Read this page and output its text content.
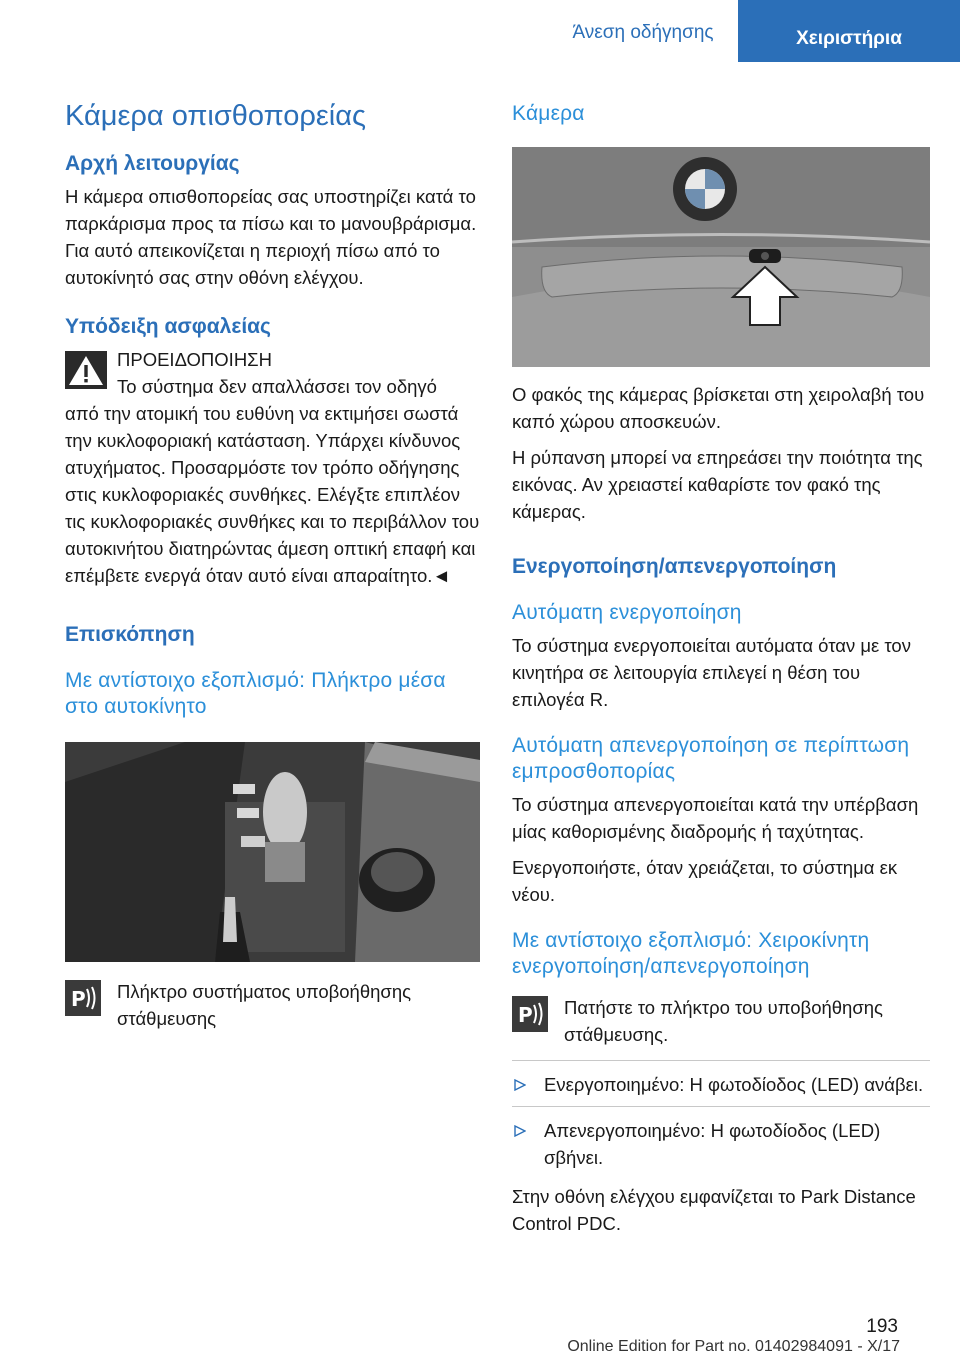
Άνεση οδήγησης	Χειριστήρια
Κάμερα οπισθοπορείας
Αρχή λειτουργίας

Η κάμερα οπισθοπορείας σας υποστηρίζει κατά το παρκάρισμα προς τα πίσω και το μανουβράρισμα. Για αυτό απεικονίζεται η περιοχή πίσω από το αυτοκίνητό σας στην οθόνη ελέγχου.

Υπόδειξη ασφαλείας
ΠΡΟΕΙΔΟΠΟΙΗΣΗ
Το σύστημα δεν απαλλάσσει τον οδηγό
από την ατομική του ευθύνη να εκτιμήσει σωστά την κυκλοφοριακή κατάσταση. Υπάρχει κίνδυνος ατυχήματος. Προσαρμόστε τον τρόπο οδήγησης στις κυκλοφοριακές συνθήκες. Ελέγξτε επιπλέον τις κυκλοφοριακές συνθήκες και το περιβάλλον του αυτοκινήτου διατηρώντας άμεση οπτική επαφή και επέμβετε ενεργά όταν αυτό είναι απαραίτητο.◄
Επισκόπηση
Με αντίστοιχο εξοπλισμό: Πλήκτρο μέσα στο αυτοκίνητο
P Πλήκτρο συστήματος υποβοήθησης στάθμευσης
Κάμερα

Ο φακός της κάμερας βρίσκεται στη χειρολαβή του καπό χώρου αποσκευών.

Η ρύπανση μπορεί να επηρεάσει την ποιότητα της εικόνας. Αν χρειαστεί καθαρίστε τον φακό της κάμερας.

Ενεργοποίηση/απενεργοποίηση
Αυτόματη ενεργοποίηση

Το σύστημα ενεργοποιείται αυτόματα όταν με τον κινητήρα σε λειτουργία επιλεγεί η θέση του επιλογέα R.

Αυτόματη απενεργοποίηση σε περίπτωση εμπροσθοπορίας

Το σύστημα απενεργοποιείται κατά την υπέρβαση μίας καθορισμένης διαδρομής ή ταχύτητας.

Ενεργοποιήστε, όταν χρειάζεται, το σύστημα εκ νέου.

Με αντίστοιχο εξοπλισμό: Χειροκίνητη ενεργοποίηση/απενεργοποίηση
P Πατήστε το πλήκτρο του υποβοήθησης στάθμευσης.
Ενεργοποιημένο: Η φωτοδίοδος (LED) ανάβει.
Απενεργοποιημένο: Η φωτοδίοδος (LED) σβήνει.

Στην οθόνη ελέγχου εμφανίζεται το Park Distance Control PDC.

193
Online Edition for Part no. 01402984091 - X/17
